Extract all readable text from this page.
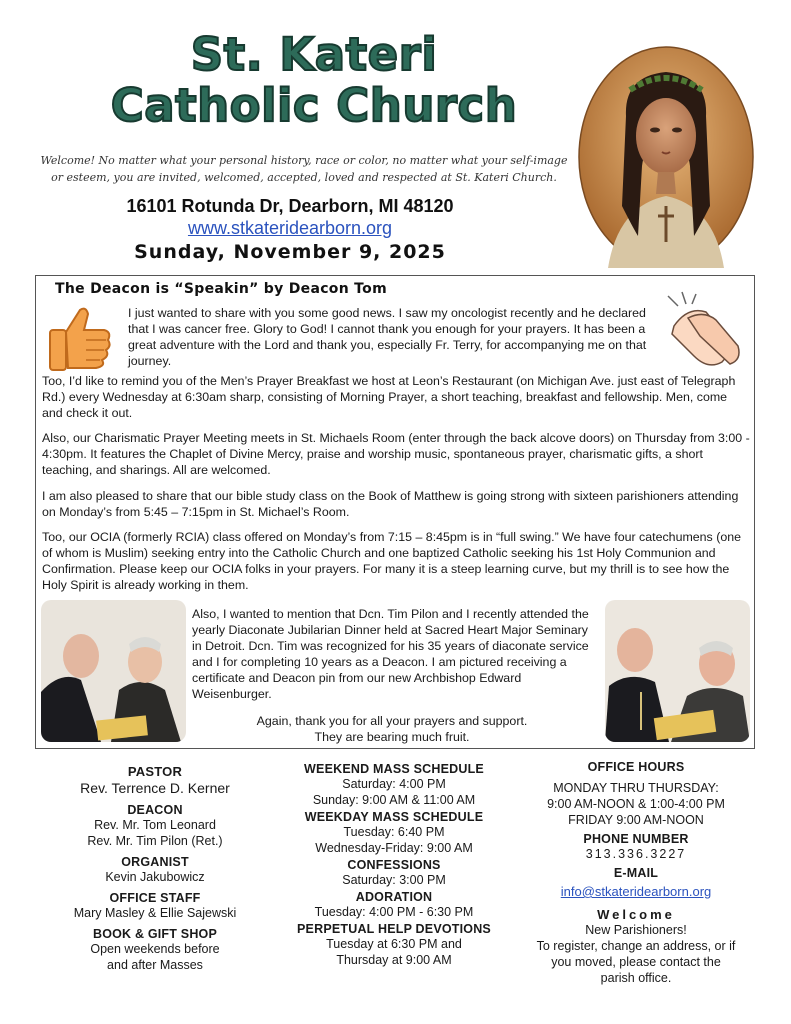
St. Kateri
Catholic Church
Welcome! No matter what your personal history, race or color, no matter what your self-image or esteem, you are invited, welcomed, accepted, loved and respected at St. Kateri Church.
16101 Rotunda Dr, Dearborn, MI 48120
www.stkateridearborn.org
Sunday, November 9, 2025
The Deacon is “Speakin” by Deacon Tom
I just wanted to share with you some good news. I saw my oncologist recently and he declared that I was cancer free. Glory to God! I cannot thank you enough for your prayers. It has been a great adventure with the Lord and thank you, especially Fr. Terry, for accompanying me on that journey.
Too, I’d like to remind you of the Men’s Prayer Breakfast we host at Leon’s Restaurant (on Michigan Ave. just east of Telegraph Rd.) every Wednesday at 6:30am sharp, consisting of Morning Prayer, a short teaching, breakfast and fellowship. Men, come and check it out.
Also, our Charismatic Prayer Meeting meets in St. Michaels Room (enter through the back alcove doors) on Thursday from 3:00 - 4:30pm. It features the Chaplet of Divine Mercy, praise and worship music, spontaneous prayer, charismatic gifts, a short teaching, and sharings. All are welcomed.
I am also pleased to share that our bible study class on the Book of Matthew is going strong with sixteen parishioners attending on Monday’s from 5:45 – 7:15pm in St. Michael’s Room.
Too, our OCIA (formerly RCIA) class offered on Monday’s from 7:15 – 8:45pm is in “full swing.” We have four catechumens (one of whom is Muslim) seeking entry into the Catholic Church and one baptized Catholic seeking his 1st Holy Communion and Confirmation. Please keep our OCIA folks in your prayers. For many it is a steep learning curve, but my thrill is to see how the Holy Spirit is already working in them.
Also, I wanted to mention that Dcn. Tim Pilon and I recently attended the yearly Diaconate Jubilarian Dinner held at Sacred Heart Major Seminary in Detroit. Dcn. Tim was recognized for his 35 years of diaconate service and I for completing 10 years as a Deacon. I am pictured receiving a certificate and Deacon pin from our new Archbishop Edward Weisenburger.
Again, thank you for all your prayers and support.
They are bearing much fruit.
PASTOR
Rev. Terrence D. Kerner
DEACON
Rev. Mr. Tom Leonard
Rev. Mr. Tim Pilon (Ret.)
ORGANIST
Kevin Jakubowicz
OFFICE STAFF
Mary Masley & Ellie Sajewski
BOOK & GIFT SHOP
Open weekends before
and after Masses
WEEKEND MASS SCHEDULE
Saturday: 4:00 PM
Sunday: 9:00 AM & 11:00 AM
WEEKDAY MASS SCHEDULE
Tuesday: 6:40 PM
Wednesday-Friday: 9:00 AM
CONFESSIONS
Saturday: 3:00 PM
ADORATION
Tuesday: 4:00 PM - 6:30 PM
PERPETUAL HELP DEVOTIONS
Tuesday at 6:30 PM and
Thursday at 9:00 AM
OFFICE HOURS
MONDAY THRU THURSDAY:
9:00 AM-NOON & 1:00-4:00 PM
FRIDAY 9:00 AM-NOON
PHONE NUMBER
313.336.3227
E-MAIL
info@stkateridearborn.org
Welcome
New Parishioners!
To register, change an address, or if
you moved, please contact the
parish office.
